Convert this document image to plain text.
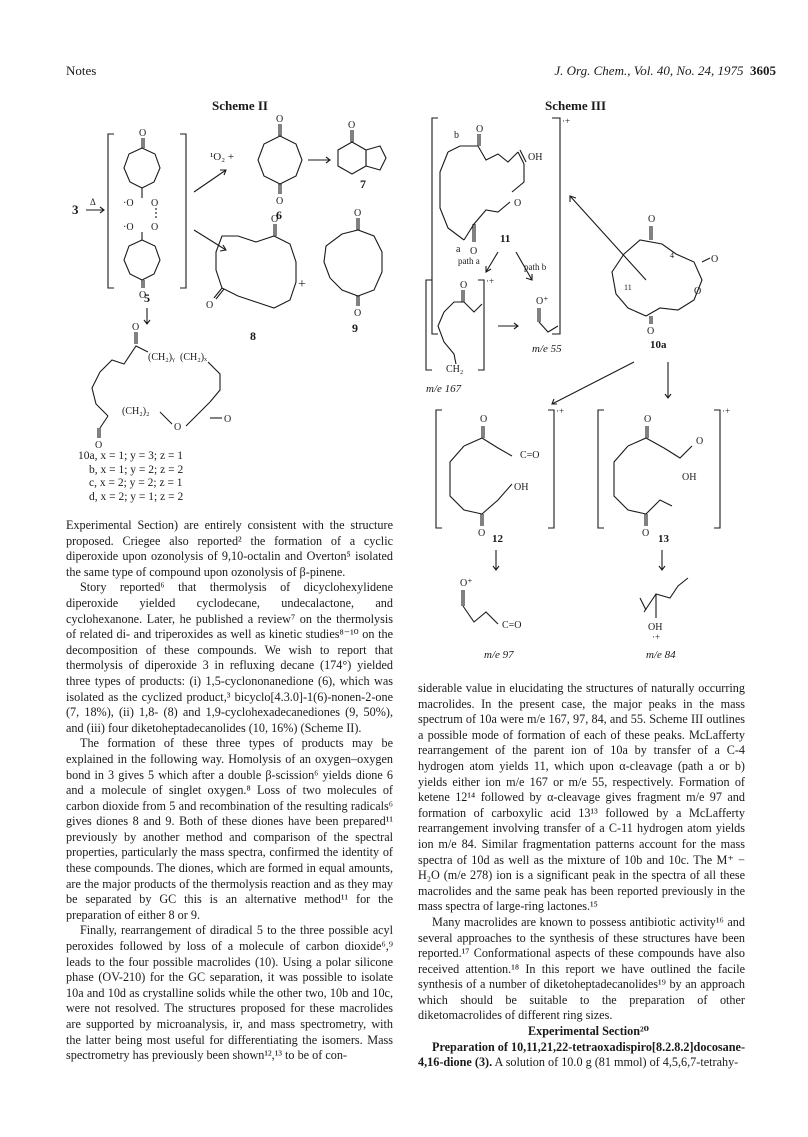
Notes	J. Org. Chem., Vol. 40, No. 24, 1975 3605
Scheme II
3 Δ
O
·O O
·O O
O
5
¹O₂ +
O
O
6
O
7
O
O
8
+
O
O
9
O
(CH₂)ᵧ (CH₂)ₓ
(CH₂)₂
O
O
O
10a, x = 1; y = 3; z = 1
b, x = 1; y = 2; z = 2
c, x = 2; y = 2; z = 1
d, x = 2; y = 1; z = 2
Scheme III
·+
b
O
OH
O
a O
11
path a
path b
·+
O
CH₂
m/e 167
O⁺
m/e 55
O
4
11
O
O
O
10a
·+
O
C=O
OH
O 12
·+
O
O
OH
O 13
O⁺
C=O
m/e 97
OH
·+
m/e 84

Experimental Section) are entirely consistent with the structure proposed. Criegee also reported² the formation of a cyclic diperoxide upon ozonolysis of 9,10-octalin and Overton⁵ isolated the same type of compound upon ozonolysis of β-pinene.

Story reported⁶ that thermolysis of dicyclohexylidene diperoxide yielded cyclodecane, undecalactone, and cyclohexanone. Later, he published a review⁷ on the thermolysis of related di- and triperoxides as well as kinetic studies⁸⁻¹⁰ on the decomposition of these compounds. We wish to report that thermolysis of diperoxide 3 in refluxing decane (174°) yielded three types of products: (i) 1,5-cyclononanedione (6), which was isolated as the cyclized product,³ bicyclo[4.3.0]-1(6)-nonen-2-one (7, 18%), (ii) 1,8- (8) and 1,9-cyclohexadecanediones (9, 50%), and (iii) four diketoheptadecanolides (10, 16%) (Scheme II).

The formation of these three types of products may be explained in the following way. Homolysis of an oxygen–oxygen bond in 3 gives 5 which after a double β-scission⁶ yields dione 6 and a molecule of singlet oxygen.⁸ Loss of two molecules of carbon dioxide from 5 and recombination of the resulting radicals⁶ gives diones 8 and 9. Both of these diones have been prepared¹¹ previously by another method and comparison of the spectral properties, particularly the mass spectra, confirmed the identity of these compounds. The diones, which are formed in equal amounts, are the major products of the thermolysis reaction and as they may be separated by GC this is an alternative method¹¹ for the preparation of either 8 or 9.

Finally, rearrangement of diradical 5 to the three possible acyl peroxides followed by loss of a molecule of carbon dioxide⁶,⁹ leads to the four possible macrolides (10). Using a polar silicone phase (OV-210) for the GC separation, it was possible to isolate 10a and 10d as crystalline solids while the other two, 10b and 10c, were not resolved. The structures proposed for these macrolides are supported by microanalysis, ir, and mass spectrometry, with the latter being most useful for differentiating the isomers. Mass spectrometry has previously been shown¹²,¹³ to be of con-

siderable value in elucidating the structures of naturally occurring macrolides. In the present case, the major peaks in the mass spectrum of 10a were m/e 167, 97, 84, and 55. Scheme III outlines a possible mode of formation of each of these peaks. McLafferty rearrangement of the parent ion of 10a by transfer of a C-4 hydrogen atom yields 11, which upon α-cleavage (path a or b) yields either ion m/e 167 or m/e 55, respectively. Formation of ketene 12¹⁴ followed by α-cleavage gives fragment m/e 97 and formation of carboxylic acid 13¹³ followed by a McLafferty rearrangement involving transfer of a C-11 hydrogen atom yields ion m/e 84. Similar fragmentation patterns account for the mass spectra of 10d as well as the mixture of 10b and 10c. The M⁺ − H₂O (m/e 278) ion is a significant peak in the spectra of all these macrolides and the same peak has been reported previously in the mass spectra of large-ring lactones.¹⁵

Many macrolides are known to possess antibiotic activity¹⁶ and several approaches to the synthesis of these structures have been reported.¹⁷ Conformational aspects of these compounds have also received attention.¹⁸ In this report we have outlined the facile synthesis of a number of diketoheptadecanolides¹⁹ by an approach which should be suitable to the preparation of other diketomacrolides of different ring sizes.

Experimental Section²⁰

Preparation of 10,11,21,22-tetraoxadispiro[8.2.8.2]docosane-4,16-dione (3). A solution of 10.0 g (81 mmol) of 4,5,6,7-tetrahy-
